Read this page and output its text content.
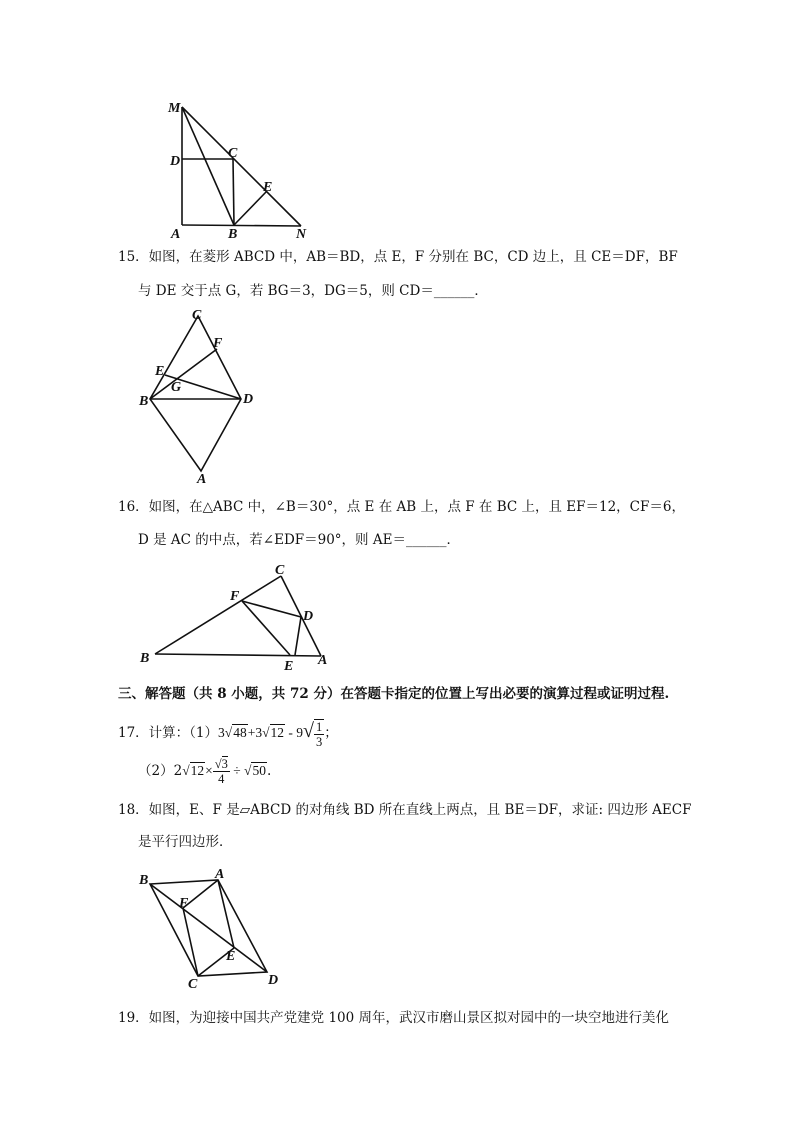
M
D
C
E
A	B	N
15．如图，在菱形 ABCD 中，AB＝BD，点 E，F 分别在 BC，CD 边上，且 CE＝DF，BF
与 DE 交于点 G，若 BG＝3，DG＝5，则 CD＝______．
C
F
E
G
B	D
A
16．如图，在△ABC 中，∠B＝30°，点 E 在 AB 上，点 F 在 BC 上，且 EF＝12，CF＝6，
D 是 AC 的中点，若∠EDF＝90°，则 AE＝______．
C
F
D
B
E A
三、解答题（共 8 小题，共 72 分）在答题卡指定的位置上写出必要的演算过程或证明过程.
17．计算：$(1)3√48+3√12 - 9√ \frac{1}{3}$ ；
$(2)2√12\times \frac{√3}{4} \div √50$.
18．如图，E、F 是▱ABCD 的对角线 BD 所在直线上两点，且 BE＝DF，求证: 四边形 AECF
是平行四边形．
B	A
F
E
C	D
19．如图，为迎接中国共产党建党 100 周年，武汉市磨山景区拟对园中的一块空地进行美化
